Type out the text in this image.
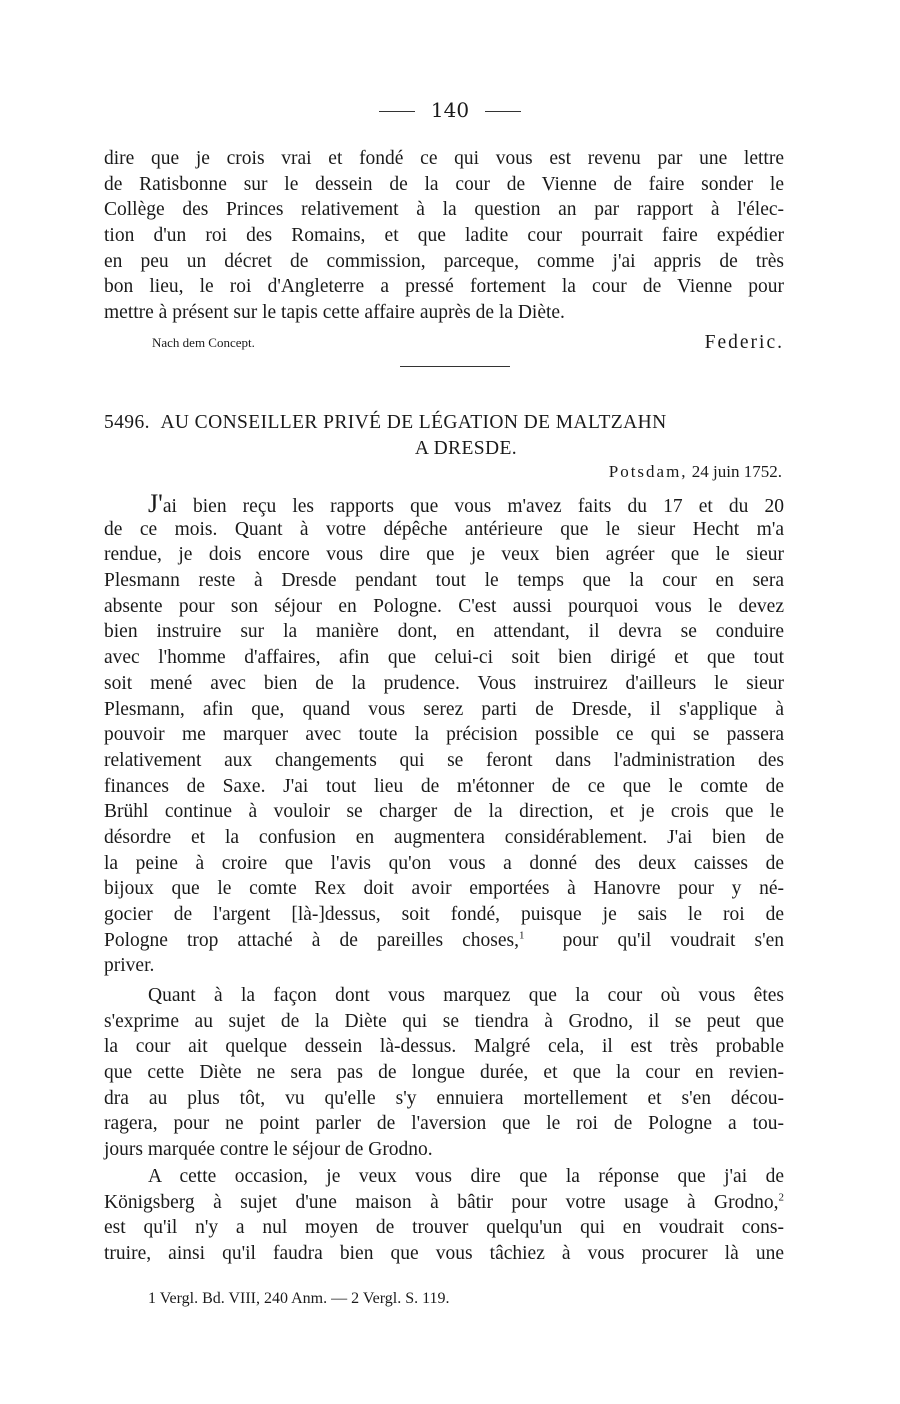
140
dire que je crois vrai et fondé ce qui vous est revenu par une lettre
de Ratisbonne sur le dessein de la cour de Vienne de faire sonder le
Collège des Princes relativement à la question an par rapport à l'élec-
tion d'un roi des Romains, et que ladite cour pourrait faire expédier
en peu un décret de commission, parceque, comme j'ai appris de très
bon lieu, le roi d'Angleterre a pressé fortement la cour de Vienne pour
mettre à présent sur le tapis cette affaire auprès de la Diète.
Nach dem Concept.	Federic.
5496. AU CONSEILLER PRIVÉ DE LÉGATION DE MALTZAHN
A DRESDE.
Potsdam, 24 juin 1752.
J'ai bien reçu les rapports que vous m'avez faits du 17 et du 20
de ce mois. Quant à votre dépêche antérieure que le sieur Hecht m'a
rendue, je dois encore vous dire que je veux bien agréer que le sieur
Plesmann reste à Dresde pendant tout le temps que la cour en sera
absente pour son séjour en Pologne. C'est aussi pourquoi vous le devez
bien instruire sur la manière dont, en attendant, il devra se conduire
avec l'homme d'affaires, afin que celui-ci soit bien dirigé et que tout
soit mené avec bien de la prudence. Vous instruirez d'ailleurs le sieur
Plesmann, afin que, quand vous serez parti de Dresde, il s'applique à
pouvoir me marquer avec toute la précision possible ce qui se passera
relativement aux changements qui se feront dans l'administration des
finances de Saxe. J'ai tout lieu de m'étonner de ce que le comte de
Brühl continue à vouloir se charger de la direction, et je crois que le
désordre et la confusion en augmentera considérablement. J'ai bien de
la peine à croire que l'avis qu'on vous a donné des deux caisses de
bijoux que le comte Rex doit avoir emportées à Hanovre pour y né-
gocier de l'argent [là-]dessus, soit fondé, puisque je sais le roi de
Pologne trop attaché à de pareilles choses,$^1$ pour qu'il voudrait s'en
priver.
Quant à la façon dont vous marquez que la cour où vous êtes
s'exprime au sujet de la Diète qui se tiendra à Grodno, il se peut que
la cour ait quelque dessein là-dessus. Malgré cela, il est très probable
que cette Diète ne sera pas de longue durée, et que la cour en revien-
dra au plus tôt, vu qu'elle s'y ennuiera mortellement et s'en décou-
ragera, pour ne point parler de l'aversion que le roi de Pologne a tou-
jours marquée contre le séjour de Grodno.
A cette occasion, je veux vous dire que la réponse que j'ai de
Königsberg à sujet d'une maison à bâtir pour votre usage à Grodno,$^2$
est qu'il n'y a nul moyen de trouver quelqu'un qui en voudrait cons-
truire, ainsi qu'il faudra bien que vous tâchiez à vous procurer là une
1 Vergl. Bd. VIII, 240 Anm. — 2 Vergl. S. 119.
